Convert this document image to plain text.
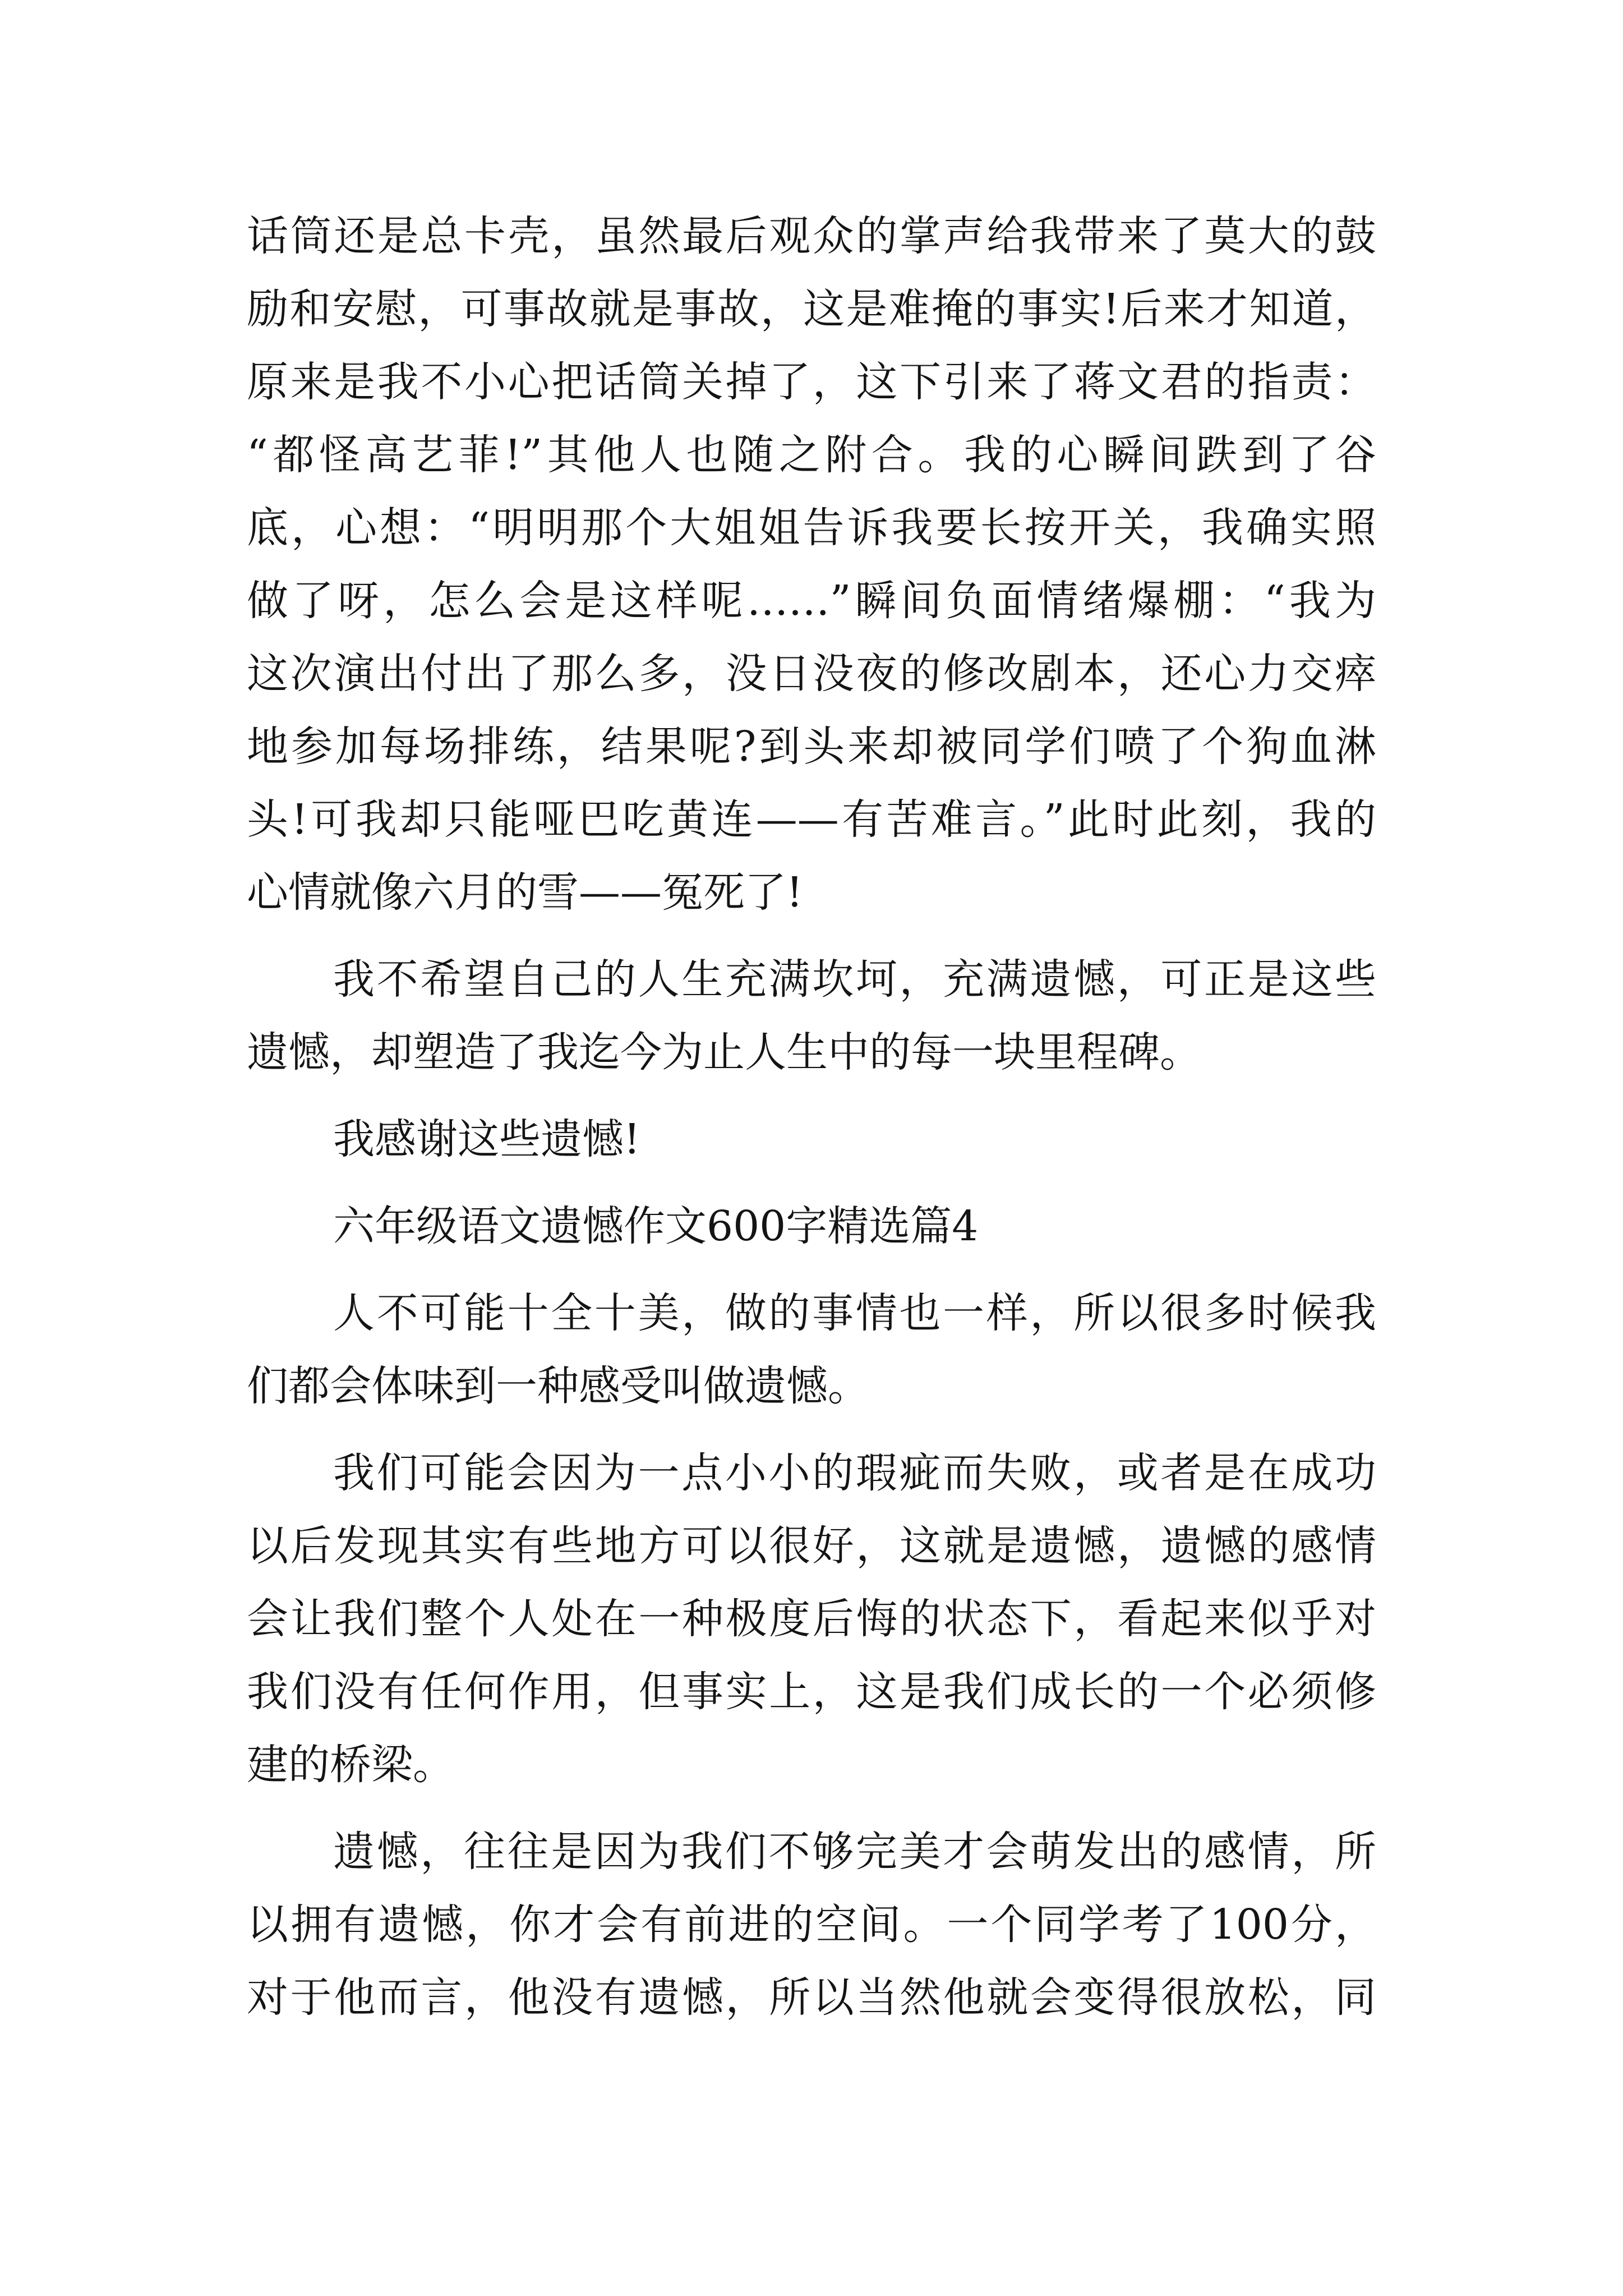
话筒还是总卡壳，虽然最后观众的掌声给我带来了莫大的鼓
励和安慰，可事故就是事故，这是难掩的事实!后来才知道，
原来是我不小心把话筒关掉了，这下引来了蒋文君的指责：
“都怪高艺菲!”其他人也随之附合。我的心瞬间跌到了谷
底，心想：“明明那个大姐姐告诉我要长按开关，我确实照
做了呀，怎么会是这样呢……”瞬间负面情绪爆棚：“我为
这次演出付出了那么多，没日没夜的修改剧本，还心力交瘁
地参加每场排练，结果呢?到头来却被同学们喷了个狗血淋
头!可我却只能哑巴吃黄连——有苦难言。”此时此刻，我的
心情就像六月的雪——冤死了!
我不希望自己的人生充满坎坷，充满遗憾，可正是这些
遗憾，却塑造了我迄今为止人生中的每一块里程碑。
我感谢这些遗憾!
六年级语文遗憾作文600字精选篇4
人不可能十全十美，做的事情也一样，所以很多时候我
们都会体味到一种感受叫做遗憾。
我们可能会因为一点小小的瑕疵而失败，或者是在成功
以后发现其实有些地方可以很好，这就是遗憾，遗憾的感情
会让我们整个人处在一种极度后悔的状态下，看起来似乎对
我们没有任何作用，但事实上，这是我们成长的一个必须修
建的桥梁。
遗憾，往往是因为我们不够完美才会萌发出的感情，所
以拥有遗憾，你才会有前进的空间。一个同学考了100分，
对于他而言，他没有遗憾，所以当然他就会变得很放松，同
